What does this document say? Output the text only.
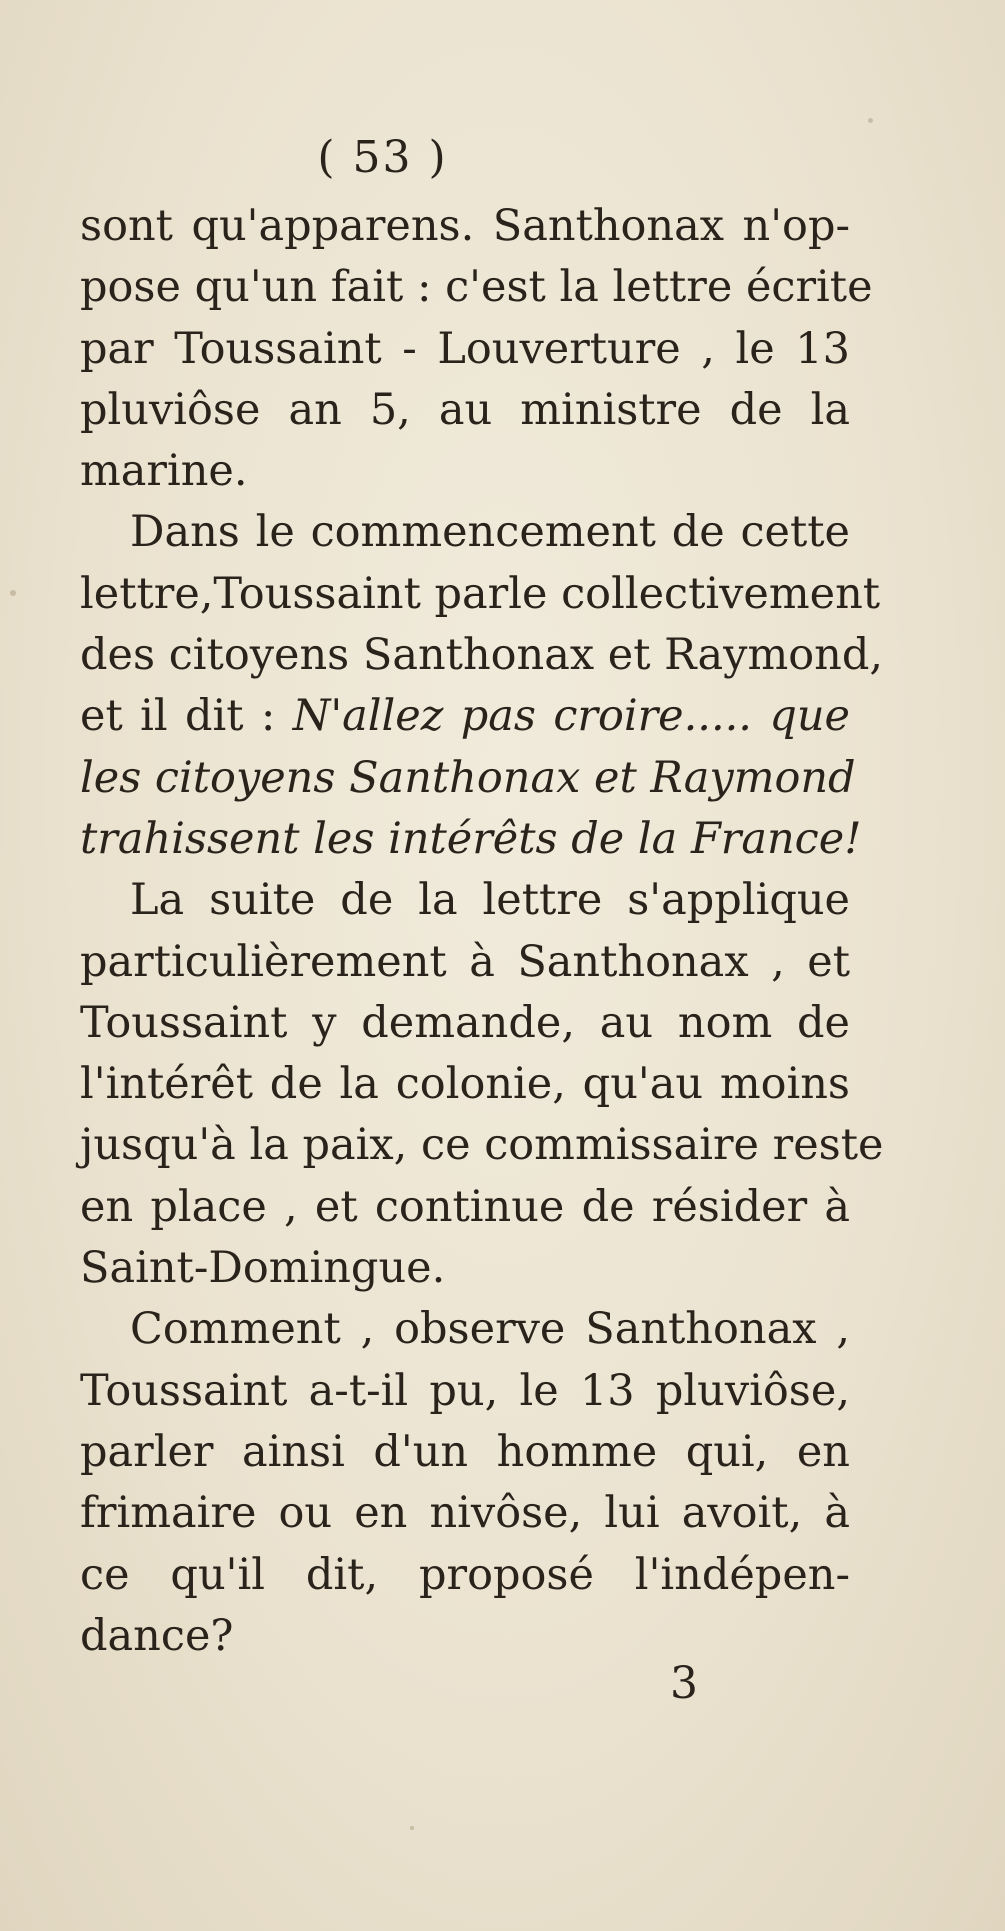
( 53 )
sont qu'apparens. Santhonax n'op-
pose qu'un fait : c'est la lettre écrite
par Toussaint - Louverture , le 13
pluviôse an 5, au ministre de la
marine.
Dans le commencement de cette
lettre,Toussaint parle collectivement
des citoyens Santhonax et Raymond,
et il dit : N'allez pas croire..... que
les citoyens Santhonax et Raymond
trahissent les intérêts de la France!
La suite de la lettre s'applique
particulièrement à Santhonax , et
Toussaint y demande, au nom de
l'intérêt de la colonie, qu'au moins
jusqu'à la paix, ce commissaire reste
en place , et continue de résider à
Saint-Domingue.
Comment , observe Santhonax ,
Toussaint a-t-il pu, le 13 pluviôse,
parler ainsi d'un homme qui, en
frimaire ou en nivôse, lui avoit, à
ce qu'il dit, proposé l'indépen-
dance?
3
